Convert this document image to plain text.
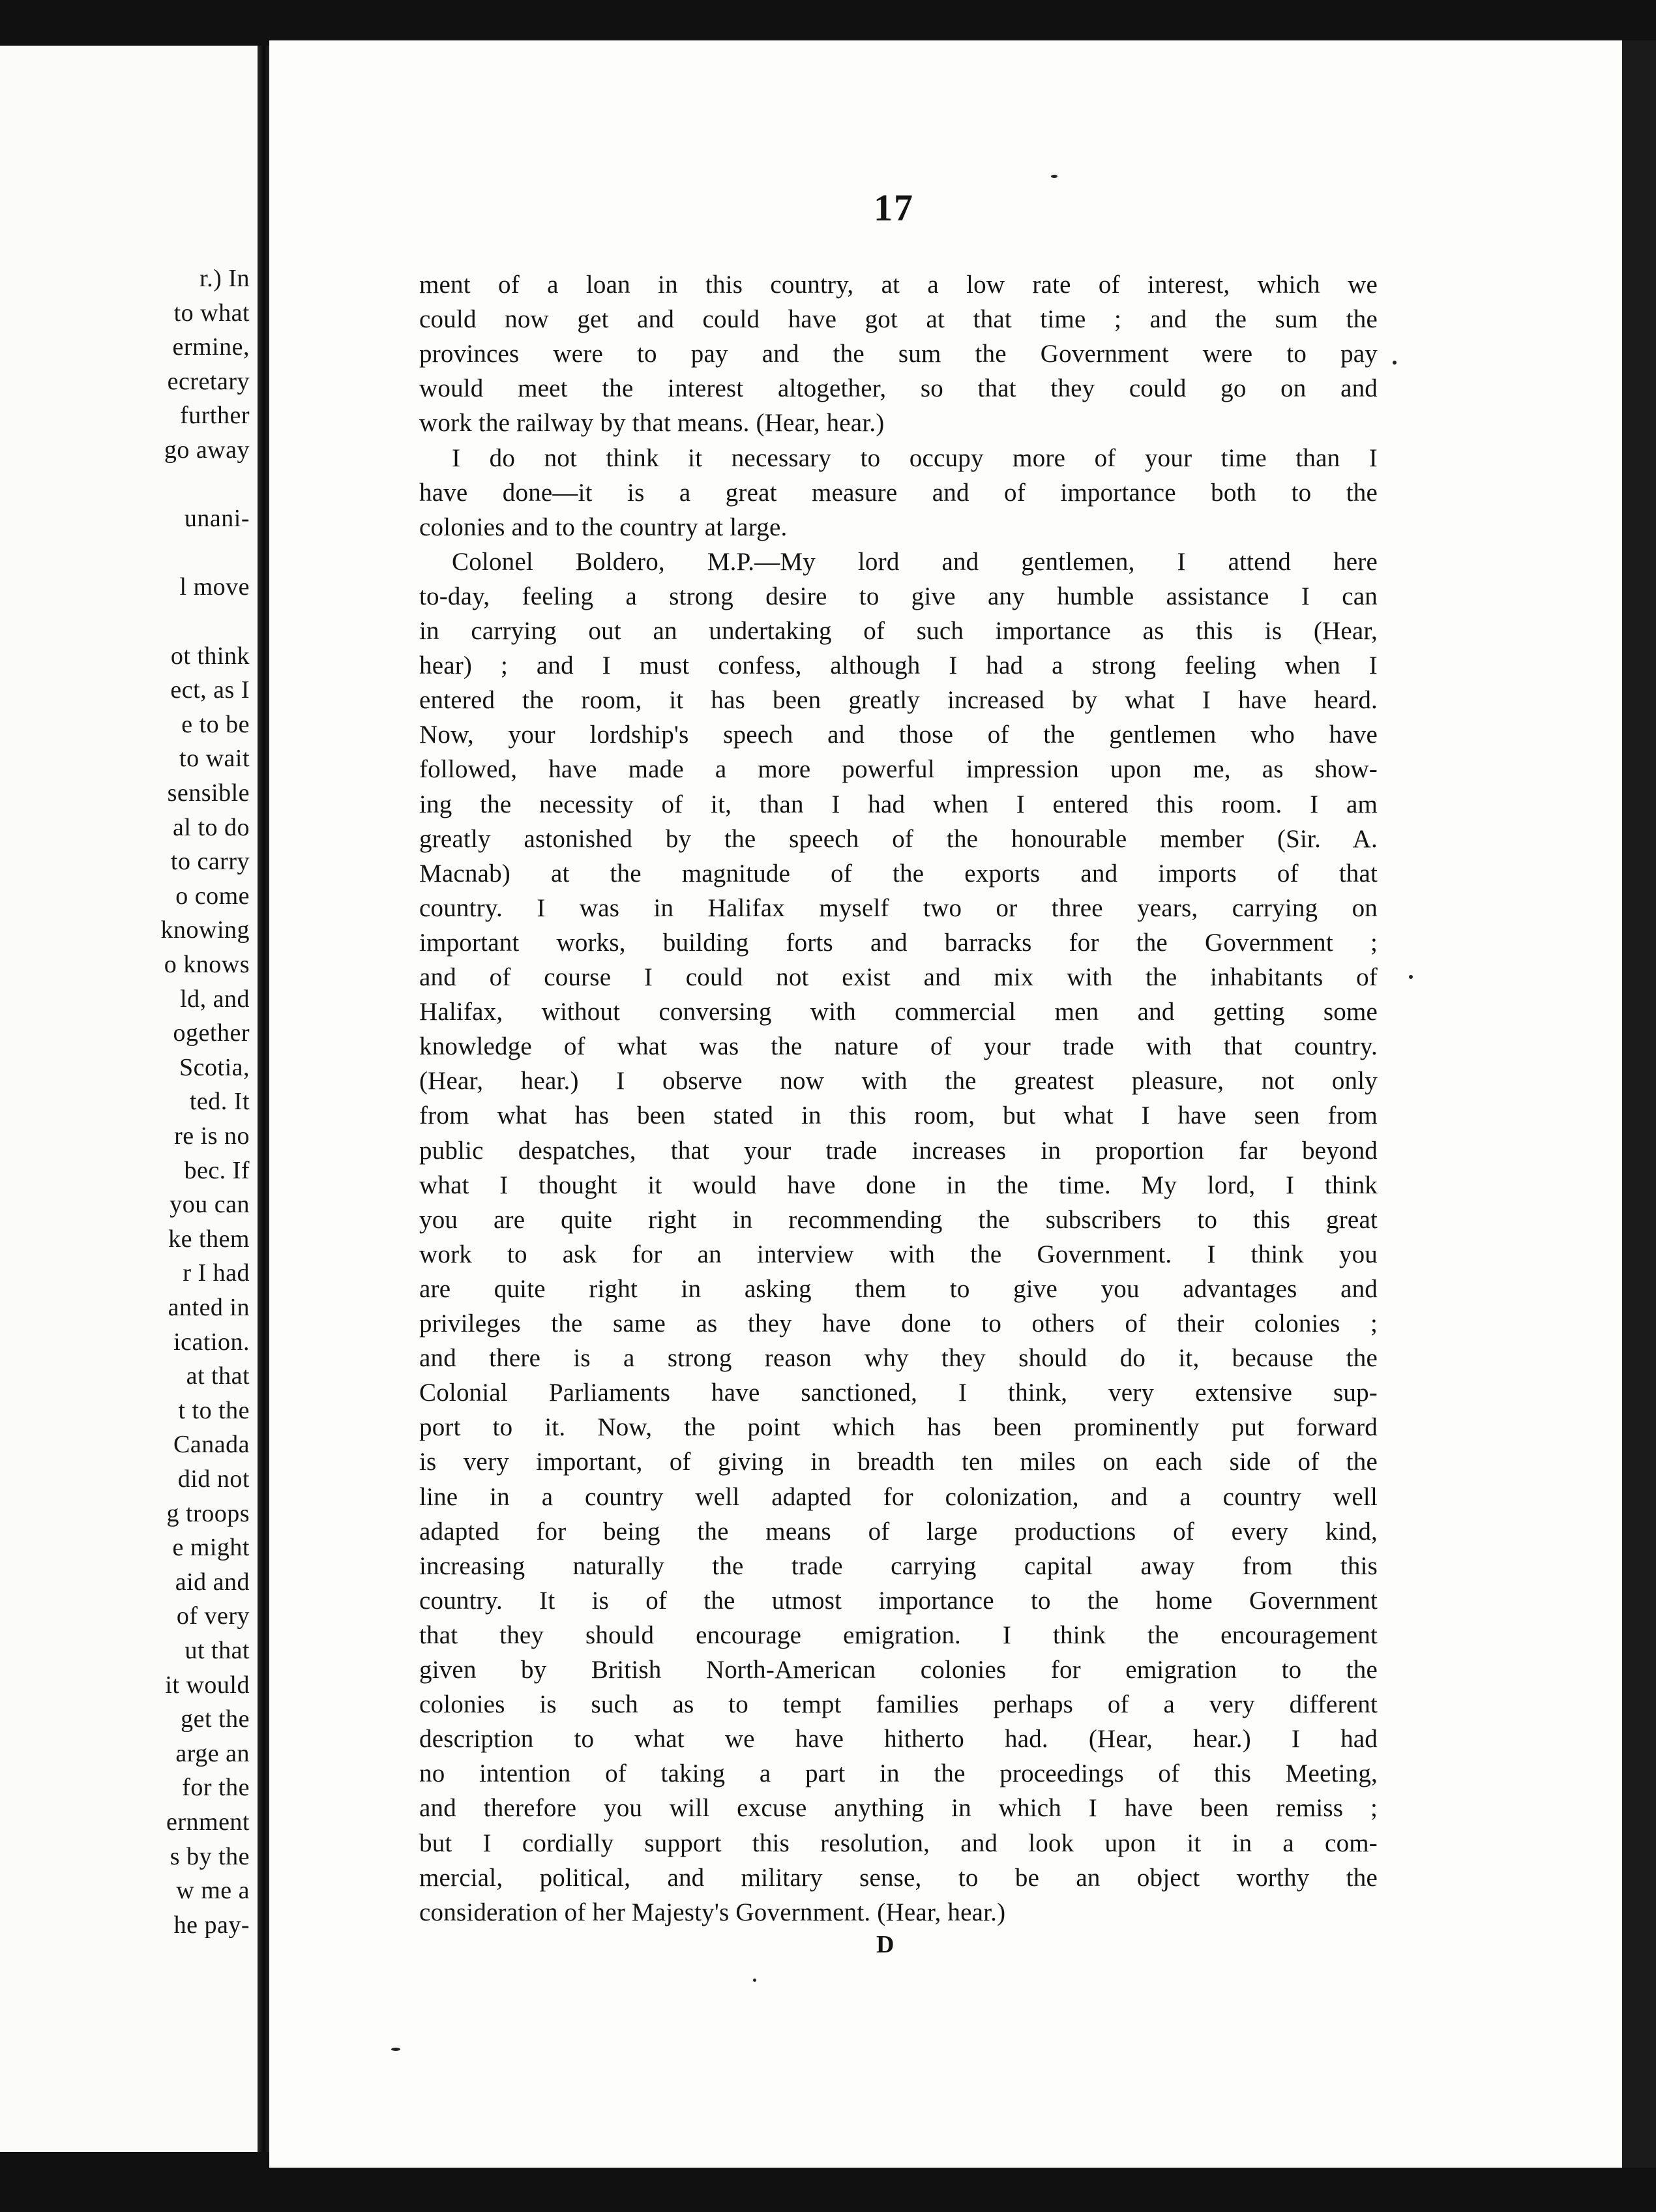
r.) In
to what
ermine,
ecretary
further
go away
unani-
l move
ot think
ect, as I
e to be
to wait
sensible
al to do
to carry
o come
knowing
o knows
ld, and
ogether
Scotia,
ted. It
re is no
bec. If
you can
ke them
r I had
anted in
ication.
at that
t to the
Canada
did not
g troops
e might
aid and
of very
ut that
it would
get the
arge an
for the
ernment
s by the
w me a
he pay-
17
ment of a loan in this country, at a low rate of interest, which we
could now get and could have got at that time ; and the sum the
provinces were to pay and the sum the Government were to pay
would meet the interest altogether, so that they could go on and
work the railway by that means. (Hear, hear.)
I do not think it necessary to occupy more of your time than I
have done—it is a great measure and of importance both to the
colonies and to the country at large.
Colonel Boldero, M.P.—My lord and gentlemen, I attend here
to-day, feeling a strong desire to give any humble assistance I can
in carrying out an undertaking of such importance as this is (Hear,
hear) ; and I must confess, although I had a strong feeling when I
entered the room, it has been greatly increased by what I have heard.
Now, your lordship's speech and those of the gentlemen who have
followed, have made a more powerful impression upon me, as show-
ing the necessity of it, than I had when I entered this room. I am
greatly astonished by the speech of the honourable member (Sir. A.
Macnab) at the magnitude of the exports and imports of that
country. I was in Halifax myself two or three years, carrying on
important works, building forts and barracks for the Government ;
and of course I could not exist and mix with the inhabitants of
Halifax, without conversing with commercial men and getting some
knowledge of what was the nature of your trade with that country.
(Hear, hear.) I observe now with the greatest pleasure, not only
from what has been stated in this room, but what I have seen from
public despatches, that your trade increases in proportion far beyond
what I thought it would have done in the time. My lord, I think
you are quite right in recommending the subscribers to this great
work to ask for an interview with the Government. I think you
are quite right in asking them to give you advantages and
privileges the same as they have done to others of their colonies ;
and there is a strong reason why they should do it, because the
Colonial Parliaments have sanctioned, I think, very extensive sup-
port to it. Now, the point which has been prominently put forward
is very important, of giving in breadth ten miles on each side of the
line in a country well adapted for colonization, and a country well
adapted for being the means of large productions of every kind,
increasing naturally the trade carrying capital away from this
country. It is of the utmost importance to the home Government
that they should encourage emigration. I think the encouragement
given by British North-American colonies for emigration to the
colonies is such as to tempt families perhaps of a very different
description to what we have hitherto had. (Hear, hear.) I had
no intention of taking a part in the proceedings of this Meeting,
and therefore you will excuse anything in which I have been remiss ;
but I cordially support this resolution, and look upon it in a com-
mercial, political, and military sense, to be an object worthy the
consideration of her Majesty's Government. (Hear, hear.)
D
